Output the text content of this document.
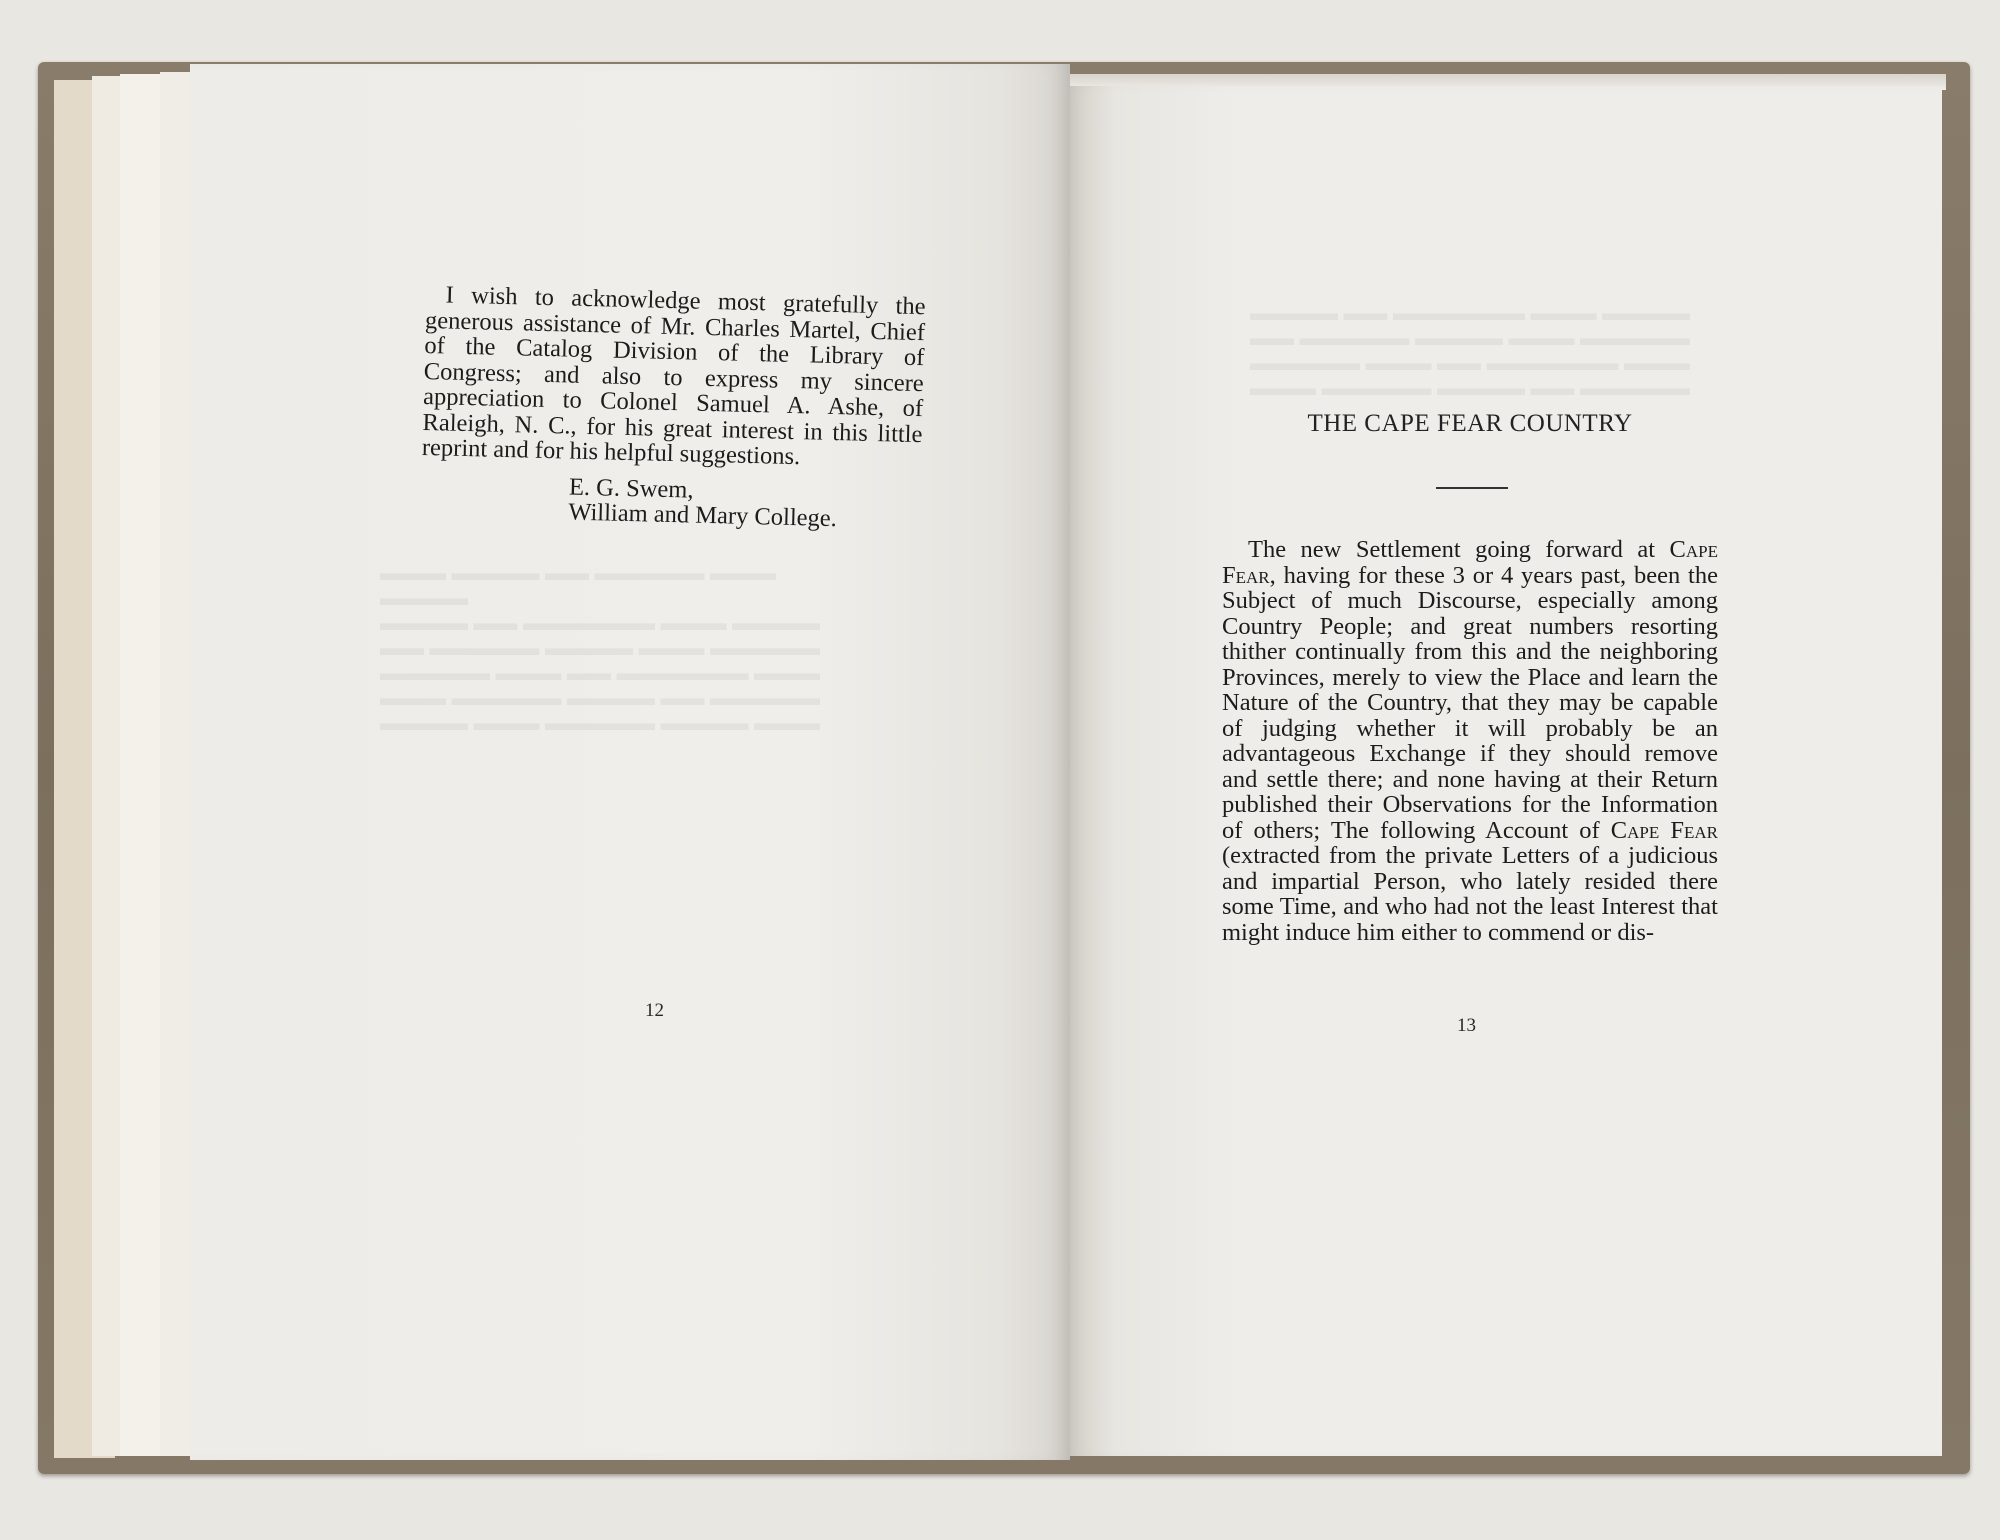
▬▬▬ ▬▬▬▬ ▬▬ ▬▬▬▬▬ ▬▬▬ ▬▬▬▬
▬▬▬▬ ▬▬ ▬▬▬▬▬▬ ▬▬▬ ▬▬▬▬
▬▬ ▬▬▬▬▬ ▬▬▬▬ ▬▬▬ ▬▬▬▬▬
▬▬▬▬▬ ▬▬▬ ▬▬ ▬▬▬▬▬▬ ▬▬▬
▬▬▬ ▬▬▬▬▬ ▬▬▬▬ ▬▬ ▬▬▬▬▬
▬▬▬▬ ▬▬▬ ▬▬▬▬▬ ▬▬▬▬ ▬▬▬
▬▬▬▬ ▬▬ ▬▬▬▬▬▬ ▬▬▬ ▬▬▬▬
▬▬ ▬▬▬▬▬ ▬▬▬▬ ▬▬▬ ▬▬▬▬▬
▬▬▬▬▬ ▬▬▬ ▬▬ ▬▬▬▬▬▬ ▬▬▬
▬▬▬ ▬▬▬▬▬ ▬▬▬▬ ▬▬ ▬▬▬▬▬

I wish to acknowledge most gratefully the generous assistance of Mr. Charles Martel, Chief of the Catalog Division of the Library of Congress; and also to express my sincere appreciation to Colonel Samuel A. Ashe, of Raleigh, N. C., for his great interest in this little reprint and for his helpful suggestions.

E. G. Swem,
William and Mary College.
12
THE CAPE FEAR COUNTRY

The new Settlement going forward at Cape Fear, having for these 3 or 4 years past, been the Subject of much Discourse, especially among Country People; and great numbers resorting thither continually from this and the neighboring Provinces, merely to view the Place and learn the Nature of the Country, that they may be capable of judging whether it will probably be an advantageous Exchange if they should remove and settle there; and none having at their Return published their Observations for the Information of others; The following Account of Cape Fear (extracted from the private Letters of a judicious and impartial Person, who lately resided there some Time, and who had not the least Interest that might induce him either to commend or dis-

13
